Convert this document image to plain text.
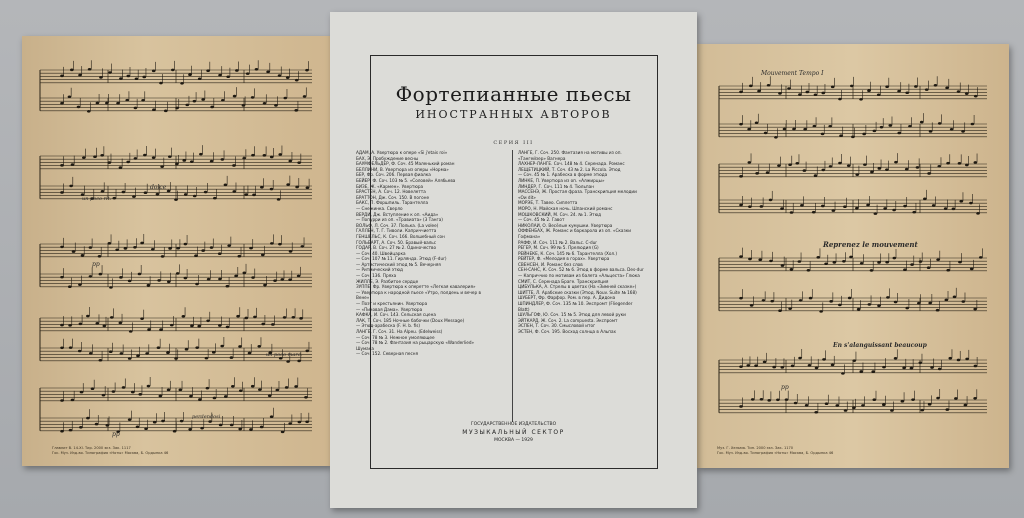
dolce
un poco rit.
pp
un poco marc.
pp
perdendosi
Главлит В. 14.XI. Тир. 2000 экз. Зак. 1117
Гос. Муз. Изд-во. Типография «Ноты» Москва, Б. Ордынка 46
Mouvement Tempo I
Reprenez le mouvement
En s'alanguissant beaucoup
pp
Муз. Г. Хельма. Тип. 2000 экз. Зак. 1170
Гос. Муз. Изд-во. Типография «Ноты» Москва, Б. Ордынка 46
Фортепианные пьесы
ИНОСТРАННЫХ АВТОРОВ
СЕРИЯ III
АДАМ, А. Увертюра к опере «Si j'etais roi»
БАХ, Э. Пробуждение весны
БАУМФЕЛЬДЕР, Ф. Соч. 45 Маленький роман
БЕЛЛИНИ, В. Увертюра из оперы «Норма»
БЕР, Фр. Соч. 206. Первая фиалка
БЕЙЕР, Ф. Соч. 103 № 5. «Соловей» Алябьева
БИЗЕ, Ж. «Кармен». Увертюра
БРАСТЕН, А. Соч. 12. Новелетта
БРАТТОН, Дж. Соч. 150. В погоне
БАКС, П. Форшпиль. Тарантелла
— Снежинка. Сверло
ВЕРДИ, Дж. Вступление к оп. «Аида»
— Попурри из оп. «Травиата» (3 Танга)
ВОЛЬФ, Л. Соч. 37. Полька. (La volee)
ГАЛЛЕН, Т. Г. Тиволи. Каприччиетта
ГЕНШЕЛЬС, К. Соч. 166. Волшебный сон
ГОЛЬБАРТ, А. Соч. 50. Бравый-вальс
ГОДАР, В. Соч. 27 № 2. Одиночество
— Соч. 40. Швейцарка
— Соч. 107 № 11. Гирлянда. Этюд (F-dur)
— Артистический этюд № 5. Вечерняя
— Ритмический этюд
— Соч. 136. Пряха
ЖИЛЛЕ, Э. Разбитое сердце
ЗУППЕ, Фр. Увертюра к оперетте «Легкая кавалерия»
— Увертюра к народной пьесе «Утро, полдень и вечер в Вене»
— Поэт и крестьянин. Увертюра
— «Пиковая Дама». Увертюра
КАФКА, И. Соч. 143. Сельская сцена
ЛАК, Т. Соч. 185 Ночные бабочки (Doux Message)
— Этюд-арабеска (F. H. b. fis)
ЛАНГЕ, Г. Соч. 31. На Alpeu. (Edelweiss)
— Соч. 78 № 3. Нежное умоляющее
— Соч. 78 № 2. Фантазия на рыцарскую «Wanderlied» Шумана
— Соч. 152. Северная песня
ЛАНГЕ, Г. Соч. 250. Фантазия на мотивы из оп. «Тангейзер» Вагнера
ЛАХНЕР-ЛАНГЕ. Соч. 148 № 4. Серенада. Романс
ЛЕЩЕТИЦКИЙ, Т. Соч. 43 № 2. La Piccola. Этюд
— Соч. 45 № 1. Арабеска в форме этюда
ЛИНКЕ, П. Увертюра из оп. «Алжирцы»
ЛИНДЕР, Г. Соч. 111 № 4. Тюльпан
МАССЕНЭ, Ж. Простая фраза. Транскрипция мелодии «Ои dit»
МОРЭЕ, Т. Тавео. Сиплетта
МОРО, Н. Майская ночь. Шпанский романс
МОШКОВСКИЙ, М. Соч. 24. № 1. Этюд
— Соч. 45 № 2. Гавот
НИКОЛАИ, О. Весёлые кумушки. Увертюра
ОФФЕНБАХ, Ж. Романс и баркарола из оп. «Сказки Гофмана»
РАФФ, И. Соч. 111 № 2. Вальс. C-dur
РЕГЕР, М. Соч. 99 № 5. Прелюдия (G)
РЕЙНЕКЕ, К. Соч. 145 № 6. Тарантелла (Хол.)
РЕЙТЕР, Ф. «Мелодия в горах». Увертюра
СВЕНСЕН, И. Романс без слов
СЕН-САНС, К. Соч. 52 № 6. Этюд в форме вальса. Des-dur
— Каприччио по мотивам из балета «Альцеста» Глюка
СМИТ, С. Серенада Браге. Транскрипция
ЦИБУЛЬКА, А. Стрелы в цветах (На «Зимней сказке»)
ШИТТЕ, Л. Арабские сказки (Этюд. Nouv. Suite № 168)
ШУБЕРТ, Фр. Фарфор. Ром. в пер. А. Дидона
ШПИНДЛЕР, Ф. Соч. 135 № 10. Экспромт (Fliegender Blatt)
ШУЛЬГОФ, Ю. Соч. 15 № 5. Этюд для левой руки
ЭЙТКАРД, Ж. Соч. 2. La compuesta. Экспромт
ЭСПЕН, Т. Соч. 30. Смысловой итог
ЭСТЕН, Ф. Соч. 195. Восход солнца в Альпах
ГОСУДАРСТВЕННОЕ ИЗДАТЕЛЬСТВО
МУЗЫКАЛЬНЫЙ СЕКТОР
МОСКВА — 1929
